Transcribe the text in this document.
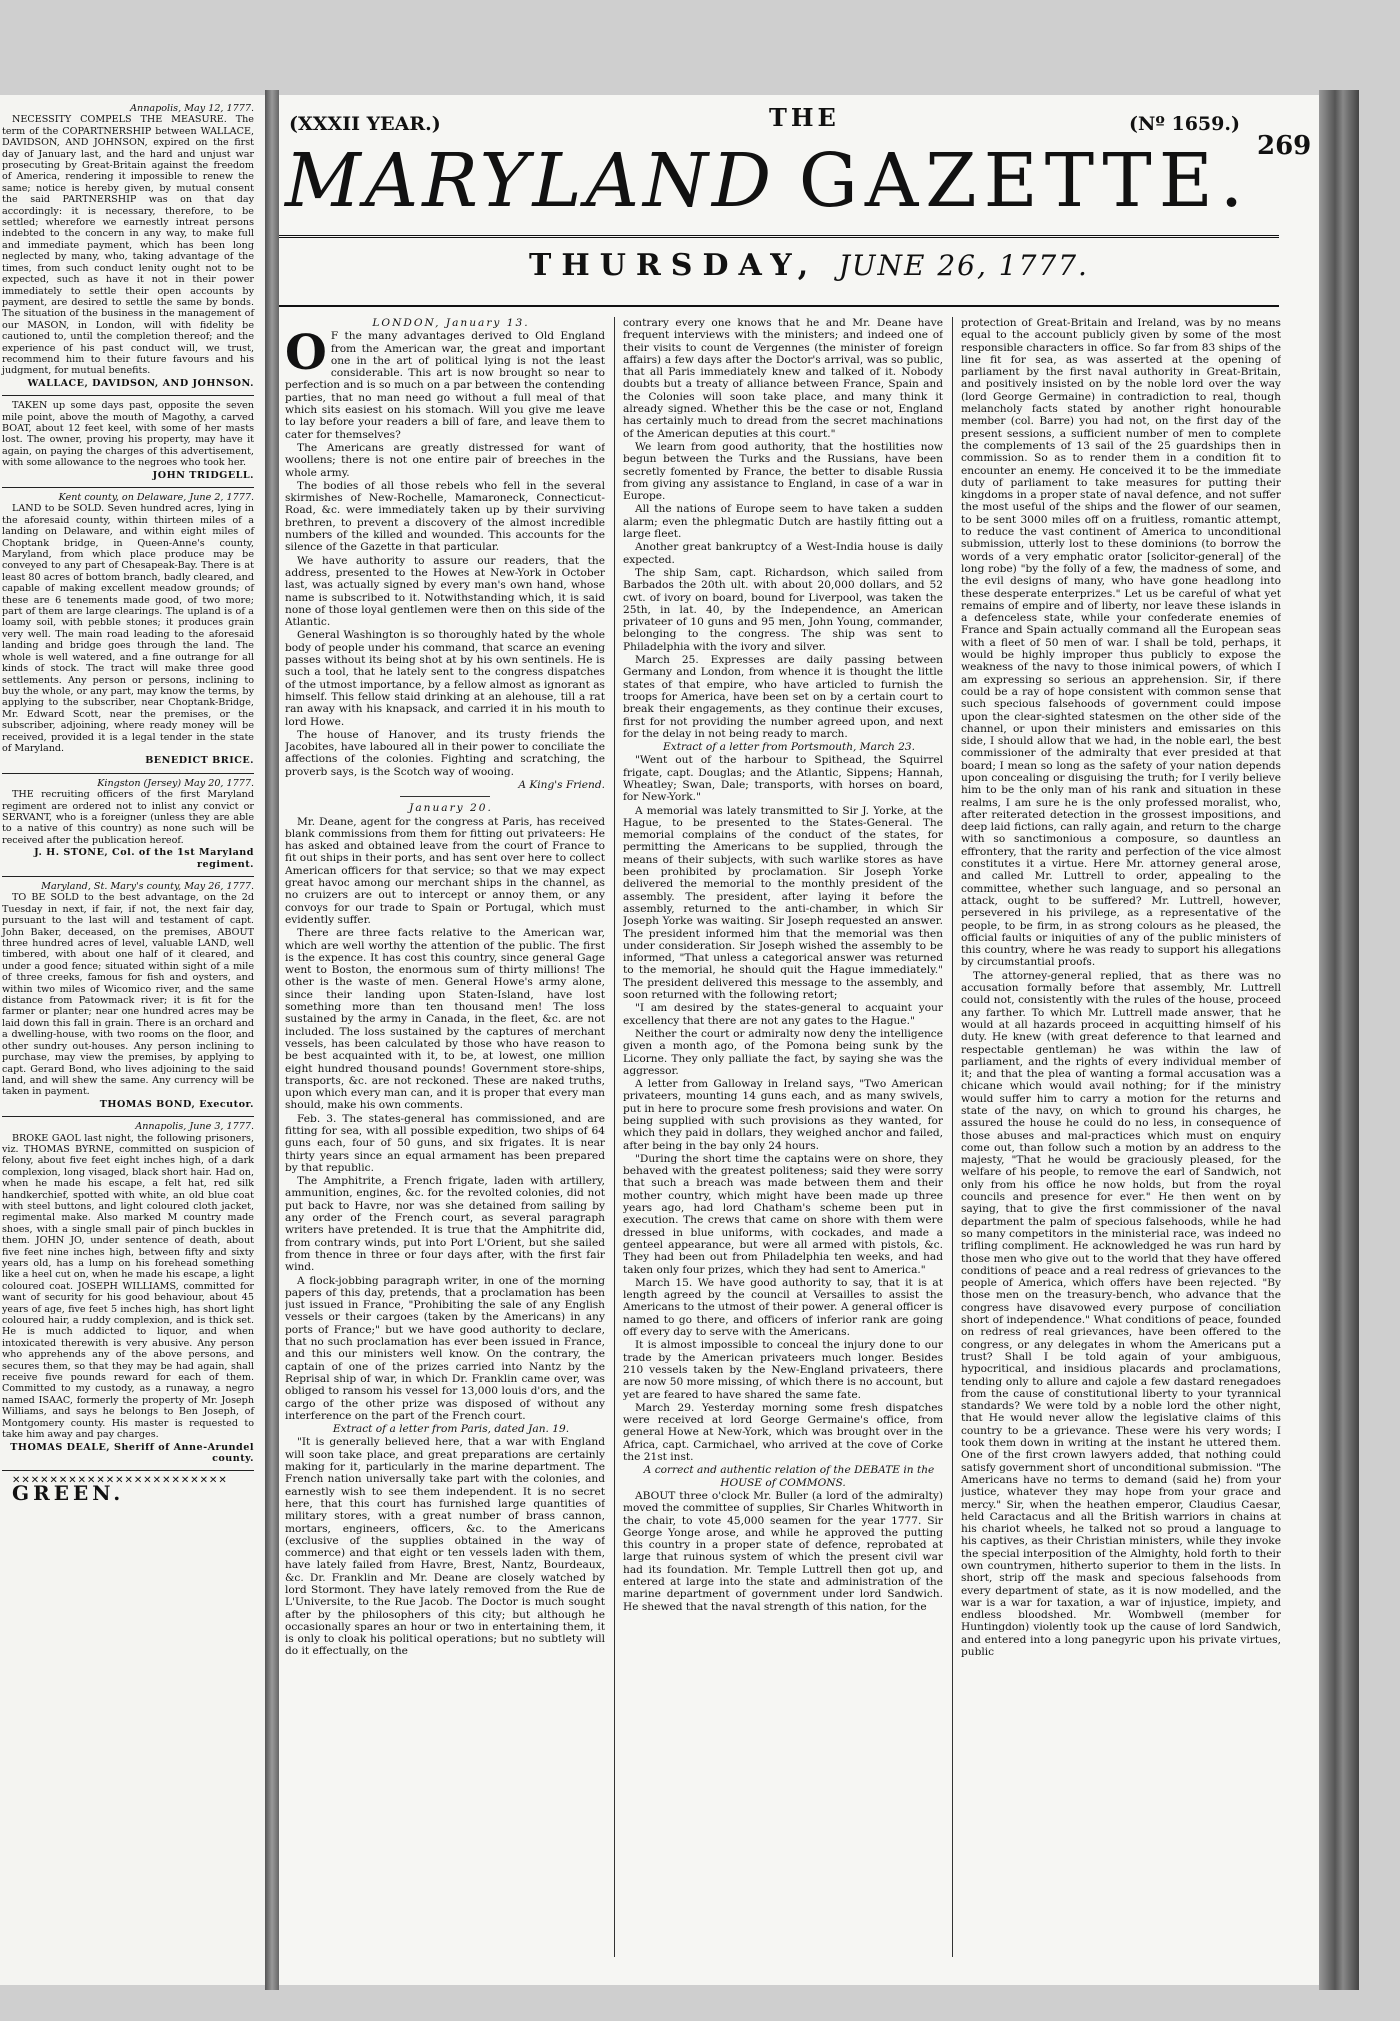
Annapolis, May 12, 1777.

NECESSITY COMPELS THE MEASURE. The term of the COPARTNERSHIP between WALLACE, DAVIDSON, AND JOHNSON, expired on the first day of January last, and the hard and unjust war prosecuting by Great-Britain against the freedom of America, rendering it impossible to renew the same; notice is hereby given, by mutual consent the said PARTNERSHIP was on that day accordingly: it is necessary, therefore, to be settled; wherefore we earnestly intreat persons indebted to the concern in any way, to make full and immediate payment, which has been long neglected by many, who, taking advantage of the times, from such conduct lenity ought not to be expected, such as have it not in their power immediately to settle their open accounts by payment, are desired to settle the same by bonds. The situation of the business in the management of our MASON, in London, will with fidelity be cautioned to, until the completion thereof; and the experience of his past conduct will, we trust, recommend him to their future favours and his judgment, for mutual benefits.

WALLACE, DAVIDSON, AND JOHNSON.

TAKEN up some days past, opposite the seven mile point, above the mouth of Magothy, a carved BOAT, about 12 feet keel, with some of her masts lost. The owner, proving his property, may have it again, on paying the charges of this advertisement, with some allowance to the negroes who took her.

JOHN TRIDGELL.

Kent county, on Delaware, June 2, 1777.

LAND to be SOLD. Seven hundred acres, lying in the aforesaid county, within thirteen miles of a landing on Delaware, and within eight miles of Choptank bridge, in Queen-Anne's county, Maryland, from which place produce may be conveyed to any part of Chesapeak-Bay. There is at least 80 acres of bottom branch, badly cleared, and capable of making excellent meadow grounds; of these are 6 tenements made good, of two more; part of them are large clearings. The upland is of a loamy soil, with pebble stones; it produces grain very well. The main road leading to the aforesaid landing and bridge goes through the land. The whole is well watered, and a fine outrange for all kinds of stock. The tract will make three good settlements. Any person or persons, inclining to buy the whole, or any part, may know the terms, by applying to the subscriber, near Choptank-Bridge, Mr. Edward Scott, near the premises, or the subscriber, adjoining, where ready money will be received, provided it is a legal tender in the state of Maryland.

BENEDICT BRICE.

Kingston (Jersey) May 20, 1777.

THE recruiting officers of the first Maryland regiment are ordered not to inlist any convict or SERVANT, who is a foreigner (unless they are able to a native of this country) as none such will be received after the publication hereof.

J. H. STONE, Col. of the 1st Maryland regiment.

Maryland, St. Mary's county, May 26, 1777.

TO BE SOLD to the best advantage, on the 2d Tuesday in next, if fair, if not, the next fair day, pursuant to the last will and testament of capt. John Baker, deceased, on the premises, ABOUT three hundred acres of level, valuable LAND, well timbered, with about one half of it cleared, and under a good fence; situated within sight of a mile of three creeks, famous for fish and oysters, and within two miles of Wicomico river, and the same distance from Patowmack river; it is fit for the farmer or planter; near one hundred acres may be laid down this fall in grain. There is an orchard and a dwelling-house, with two rooms on the floor, and other sundry out-houses. Any person inclining to purchase, may view the premises, by applying to capt. Gerard Bond, who lives adjoining to the said land, and will shew the same. Any currency will be taken in payment.

THOMAS BOND, Executor.

Annapolis, June 3, 1777.

BROKE GAOL last night, the following prisoners, viz. THOMAS BYRNE, committed on suspicion of felony, about five feet eight inches high, of a dark complexion, long visaged, black short hair. Had on, when he made his escape, a felt hat, red silk handkerchief, spotted with white, an old blue coat with steel buttons, and light coloured cloth jacket, regimental make. Also marked M country made shoes, with a single small pair of pinch buckles in them. JOHN JO, under sentence of death, about five feet nine inches high, between fifty and sixty years old, has a lump on his forehead something like a heel cut on, when he made his escape, a light coloured coat. JOSEPH WILLIAMS, committed for want of security for his good behaviour, about 45 years of age, five feet 5 inches high, has short light coloured hair, a ruddy complexion, and is thick set. He is much addicted to liquor, and when intoxicated therewith is very abusive. Any person who apprehends any of the above persons, and secures them, so that they may be had again, shall receive five pounds reward for each of them. Committed to my custody, as a runaway, a negro named ISAAC, formerly the property of Mr. Joseph Williams, and says he belongs to Ben Joseph, of Montgomery county. His master is requested to take him away and pay charges.

THOMAS DEALE, Sheriff of Anne-Arundel county.

✕✕✕✕✕✕✕✕✕✕✕✕✕✕✕✕✕✕✕✕✕✕✕

GREEN.

(XXXII YEAR.)	THE	(Nº 1659.)
269
MARYLAND GAZETTE.
THURSDAY, JUNE 26, 1777.

LONDON, January 13.

O F the many advantages derived to Old England from the American war, the great and important one in the art of political lying is not the least considerable. This art is now brought so near to perfection and is so much on a par between the contending parties, that no man need go without a full meal of that which sits easiest on his stomach. Will you give me leave to lay before your readers a bill of fare, and leave them to cater for themselves?

The Americans are greatly distressed for want of woollens; there is not one entire pair of breeches in the whole army.

The bodies of all those rebels who fell in the several skirmishes of New-Rochelle, Mamaroneck, Connecticut-Road, &c. were immediately taken up by their surviving brethren, to prevent a discovery of the almost incredible numbers of the killed and wounded. This accounts for the silence of the Gazette in that particular.

We have authority to assure our readers, that the address, presented to the Howes at New-York in October last, was actually signed by every man's own hand, whose name is subscribed to it. Notwithstanding which, it is said none of those loyal gentlemen were then on this side of the Atlantic.

General Washington is so thoroughly hated by the whole body of people under his command, that scarce an evening passes without its being shot at by his own sentinels. He is such a tool, that he lately sent to the congress dispatches of the utmost importance, by a fellow almost as ignorant as himself. This fellow staid drinking at an alehouse, till a rat ran away with his knapsack, and carried it in his mouth to lord Howe.

The house of Hanover, and its trusty friends the Jacobites, have laboured all in their power to conciliate the affections of the colonies. Fighting and scratching, the proverb says, is the Scotch way of wooing.

A King's Friend.

January 20.

Mr. Deane, agent for the congress at Paris, has received blank commissions from them for fitting out privateers: He has asked and obtained leave from the court of France to fit out ships in their ports, and has sent over here to collect American officers for that service; so that we may expect great havoc among our merchant ships in the channel, as no cruizers are out to intercept or annoy them, or any convoys for our trade to Spain or Portugal, which must evidently suffer.

There are three facts relative to the American war, which are well worthy the attention of the public. The first is the expence. It has cost this country, since general Gage went to Boston, the enormous sum of thirty millions! The other is the waste of men. General Howe's army alone, since their landing upon Staten-Island, have lost something more than ten thousand men! The loss sustained by the army in Canada, in the fleet, &c. are not included. The loss sustained by the captures of merchant vessels, has been calculated by those who have reason to be best acquainted with it, to be, at lowest, one million eight hundred thousand pounds! Government store-ships, transports, &c. are not reckoned. These are naked truths, upon which every man can, and it is proper that every man should, make his own comments.

Feb. 3. The states-general has commissioned, and are fitting for sea, with all possible expedition, two ships of 64 guns each, four of 50 guns, and six frigates. It is near thirty years since an equal armament has been prepared by that republic.

The Amphitrite, a French frigate, laden with artillery, ammunition, engines, &c. for the revolted colonies, did not put back to Havre, nor was she detained from sailing by any order of the French court, as several paragraph writers have pretended. It is true that the Amphitrite did, from contrary winds, put into Port L'Orient, but she sailed from thence in three or four days after, with the first fair wind.

A flock-jobbing paragraph writer, in one of the morning papers of this day, pretends, that a proclamation has been just issued in France, "Prohibiting the sale of any English vessels or their cargoes (taken by the Americans) in any ports of France;" but we have good authority to declare, that no such proclamation has ever been issued in France, and this our ministers well know. On the contrary, the captain of one of the prizes carried into Nantz by the Reprisal ship of war, in which Dr. Franklin came over, was obliged to ransom his vessel for 13,000 louis d'ors, and the cargo of the other prize was disposed of without any interference on the part of the French court.

Extract of a letter from Paris, dated Jan. 19.

"It is generally believed here, that a war with England will soon take place, and great preparations are certainly making for it, particularly in the marine department. The French nation universally take part with the colonies, and earnestly wish to see them independent. It is no secret here, that this court has furnished large quantities of military stores, with a great number of brass cannon, mortars, engineers, officers, &c. to the Americans (exclusive of the supplies obtained in the way of commerce) and that eight or ten vessels laden with them, have lately failed from Havre, Brest, Nantz, Bourdeaux, &c. Dr. Franklin and Mr. Deane are closely watched by lord Stormont. They have lately removed from the Rue de L'Universite, to the Rue Jacob. The Doctor is much sought after by the philosophers of this city; but although he occasionally spares an hour or two in entertaining them, it is only to cloak his political operations; but no subtlety will do it effectually, on the

contrary every one knows that he and Mr. Deane have frequent interviews with the ministers; and indeed one of their visits to count de Vergennes (the minister of foreign affairs) a few days after the Doctor's arrival, was so public, that all Paris immediately knew and talked of it. Nobody doubts but a treaty of alliance between France, Spain and the Colonies will soon take place, and many think it already signed. Whether this be the case or not, England has certainly much to dread from the secret machinations of the American deputies at this court."

We learn from good authority, that the hostilities now begun between the Turks and the Russians, have been secretly fomented by France, the better to disable Russia from giving any assistance to England, in case of a war in Europe.

All the nations of Europe seem to have taken a sudden alarm; even the phlegmatic Dutch are hastily fitting out a large fleet.

Another great bankruptcy of a West-India house is daily expected.

The ship Sam, capt. Richardson, which sailed from Barbados the 20th ult. with about 20,000 dollars, and 52 cwt. of ivory on board, bound for Liverpool, was taken the 25th, in lat. 40, by the Independence, an American privateer of 10 guns and 95 men, John Young, commander, belonging to the congress. The ship was sent to Philadelphia with the ivory and silver.

March 25. Expresses are daily passing between Germany and London, from whence it is thought the little states of that empire, who have articled to furnish the troops for America, have been set on by a certain court to break their engagements, as they continue their excuses, first for not providing the number agreed upon, and next for the delay in not being ready to march.

Extract of a letter from Portsmouth, March 23.

"Went out of the harbour to Spithead, the Squirrel frigate, capt. Douglas; and the Atlantic, Sippens; Hannah, Wheatley; Swan, Dale; transports, with horses on board, for New-York."

A memorial was lately transmitted to Sir J. Yorke, at the Hague, to be presented to the States-General. The memorial complains of the conduct of the states, for permitting the Americans to be supplied, through the means of their subjects, with such warlike stores as have been prohibited by proclamation. Sir Joseph Yorke delivered the memorial to the monthly president of the assembly. The president, after laying it before the assembly, returned to the anti-chamber, in which Sir Joseph Yorke was waiting. Sir Joseph requested an answer. The president informed him that the memorial was then under consideration. Sir Joseph wished the assembly to be informed, "That unless a categorical answer was returned to the memorial, he should quit the Hague immediately." The president delivered this message to the assembly, and soon returned with the following retort;

"I am desired by the states-general to acquaint your excellency that there are not any gates to the Hague."

Neither the court or admiralty now deny the intelligence given a month ago, of the Pomona being sunk by the Licorne. They only palliate the fact, by saying she was the aggressor.

A letter from Galloway in Ireland says, "Two American privateers, mounting 14 guns each, and as many swivels, put in here to procure some fresh provisions and water. On being supplied with such provisions as they wanted, for which they paid in dollars, they weighed anchor and failed, after being in the bay only 24 hours.

"During the short time the captains were on shore, they behaved with the greatest politeness; said they were sorry that such a breach was made between them and their mother country, which might have been made up three years ago, had lord Chatham's scheme been put in execution. The crews that came on shore with them were dressed in blue uniforms, with cockades, and made a genteel appearance, but were all armed with pistols, &c. They had been out from Philadelphia ten weeks, and had taken only four prizes, which they had sent to America."

March 15. We have good authority to say, that it is at length agreed by the council at Versailles to assist the Americans to the utmost of their power. A general officer is named to go there, and officers of inferior rank are going off every day to serve with the Americans.

It is almost impossible to conceal the injury done to our trade by the American privateers much longer. Besides 210 vessels taken by the New-England privateers, there are now 50 more missing, of which there is no account, but yet are feared to have shared the same fate.

March 29. Yesterday morning some fresh dispatches were received at lord George Germaine's office, from general Howe at New-York, which was brought over in the Africa, capt. Carmichael, who arrived at the cove of Corke the 21st inst.

A correct and authentic relation of the DEBATE in the HOUSE of COMMONS.

ABOUT three o'clock Mr. Buller (a lord of the admiralty) moved the committee of supplies, Sir Charles Whitworth in the chair, to vote 45,000 seamen for the year 1777. Sir George Yonge arose, and while he approved the putting this country in a proper state of defence, reprobated at large that ruinous system of which the present civil war had its foundation. Mr. Temple Luttrell then got up, and entered at large into the state and administration of the marine department of government under lord Sandwich. He shewed that the naval strength of this nation, for the

protection of Great-Britain and Ireland, was by no means equal to the account publicly given by some of the most responsible characters in office. So far from 83 ships of the line fit for sea, as was asserted at the opening of parliament by the first naval authority in Great-Britain, and positively insisted on by the noble lord over the way (lord George Germaine) in contradiction to real, though melancholy facts stated by another right honourable member (col. Barre) you had not, on the first day of the present sessions, a sufficient number of men to complete the complements of 13 sail of the 25 guardships then in commission. So as to render them in a condition fit to encounter an enemy. He conceived it to be the immediate duty of parliament to take measures for putting their kingdoms in a proper state of naval defence, and not suffer the most useful of the ships and the flower of our seamen, to be sent 3000 miles off on a fruitless, romantic attempt, to reduce the vast continent of America to unconditional submission, utterly lost to these dominions (to borrow the words of a very emphatic orator [solicitor-general] of the long robe) "by the folly of a few, the madness of some, and the evil designs of many, who have gone headlong into these desperate enterprizes." Let us be careful of what yet remains of empire and of liberty, nor leave these islands in a defenceless state, while your confederate enemies of France and Spain actually command all the European seas with a fleet of 50 men of war. I shall be told, perhaps, it would be highly improper thus publicly to expose the weakness of the navy to those inimical powers, of which I am expressing so serious an apprehension. Sir, if there could be a ray of hope consistent with common sense that such specious falsehoods of government could impose upon the clear-sighted statesmen on the other side of the channel, or upon their ministers and emissaries on this side, I should allow that we had, in the noble earl, the best commissioner of the admiralty that ever presided at that board; I mean so long as the safety of your nation depends upon concealing or disguising the truth; for I verily believe him to be the only man of his rank and situation in these realms, I am sure he is the only professed moralist, who, after reiterated detection in the grossest impositions, and deep laid fictions, can rally again, and return to the charge with so sanctimonious a composure, so dauntless an effrontery, that the rarity and perfection of the vice almost constitutes it a virtue. Here Mr. attorney general arose, and called Mr. Luttrell to order, appealing to the committee, whether such language, and so personal an attack, ought to be suffered? Mr. Luttrell, however, persevered in his privilege, as a representative of the people, to be firm, in as strong colours as he pleased, the official faults or iniquities of any of the public ministers of this country, where he was ready to support his allegations by circumstantial proofs.

The attorney-general replied, that as there was no accusation formally before that assembly, Mr. Luttrell could not, consistently with the rules of the house, proceed any farther. To which Mr. Luttrell made answer, that he would at all hazards proceed in acquitting himself of his duty. He knew (with great deference to that learned and respectable gentleman) he was within the law of parliament, and the rights of every individual member of it; and that the plea of wanting a formal accusation was a chicane which would avail nothing; for if the ministry would suffer him to carry a motion for the returns and state of the navy, on which to ground his charges, he assured the house he could do no less, in consequence of those abuses and mal-practices which must on enquiry come out, than follow such a motion by an address to the majesty, "That he would be graciously pleased, for the welfare of his people, to remove the earl of Sandwich, not only from his office he now holds, but from the royal councils and presence for ever." He then went on by saying, that to give the first commissioner of the naval department the palm of specious falsehoods, while he had so many competitors in the ministerial race, was indeed no trifling compliment. He acknowledged he was run hard by those men who give out to the world that they have offered conditions of peace and a real redress of grievances to the people of America, which offers have been rejected. "By those men on the treasury-bench, who advance that the congress have disavowed every purpose of conciliation short of independence." What conditions of peace, founded on redress of real grievances, have been offered to the congress, or any delegates in whom the Americans put a trust? Shall I be told again of your ambiguous, hypocritical, and insidious placards and proclamations, tending only to allure and cajole a few dastard renegadoes from the cause of constitutional liberty to your tyrannical standards? We were told by a noble lord the other night, that He would never allow the legislative claims of this country to be a grievance. These were his very words; I took them down in writing at the instant he uttered them. One of the first crown lawyers added, that nothing could satisfy government short of unconditional submission. "The Americans have no terms to demand (said he) from your justice, whatever they may hope from your grace and mercy." Sir, when the heathen emperor, Claudius Caesar, held Caractacus and all the British warriors in chains at his chariot wheels, he talked not so proud a language to his captives, as their Christian ministers, while they invoke the special interposition of the Almighty, hold forth to their own countrymen, hitherto superior to them in the lists. In short, strip off the mask and specious falsehoods from every department of state, as it is now modelled, and the war is a war for taxation, a war of injustice, impiety, and endless bloodshed. Mr. Wombwell (member for Huntingdon) violently took up the cause of lord Sandwich, and entered into a long panegyric upon his private virtues, public
